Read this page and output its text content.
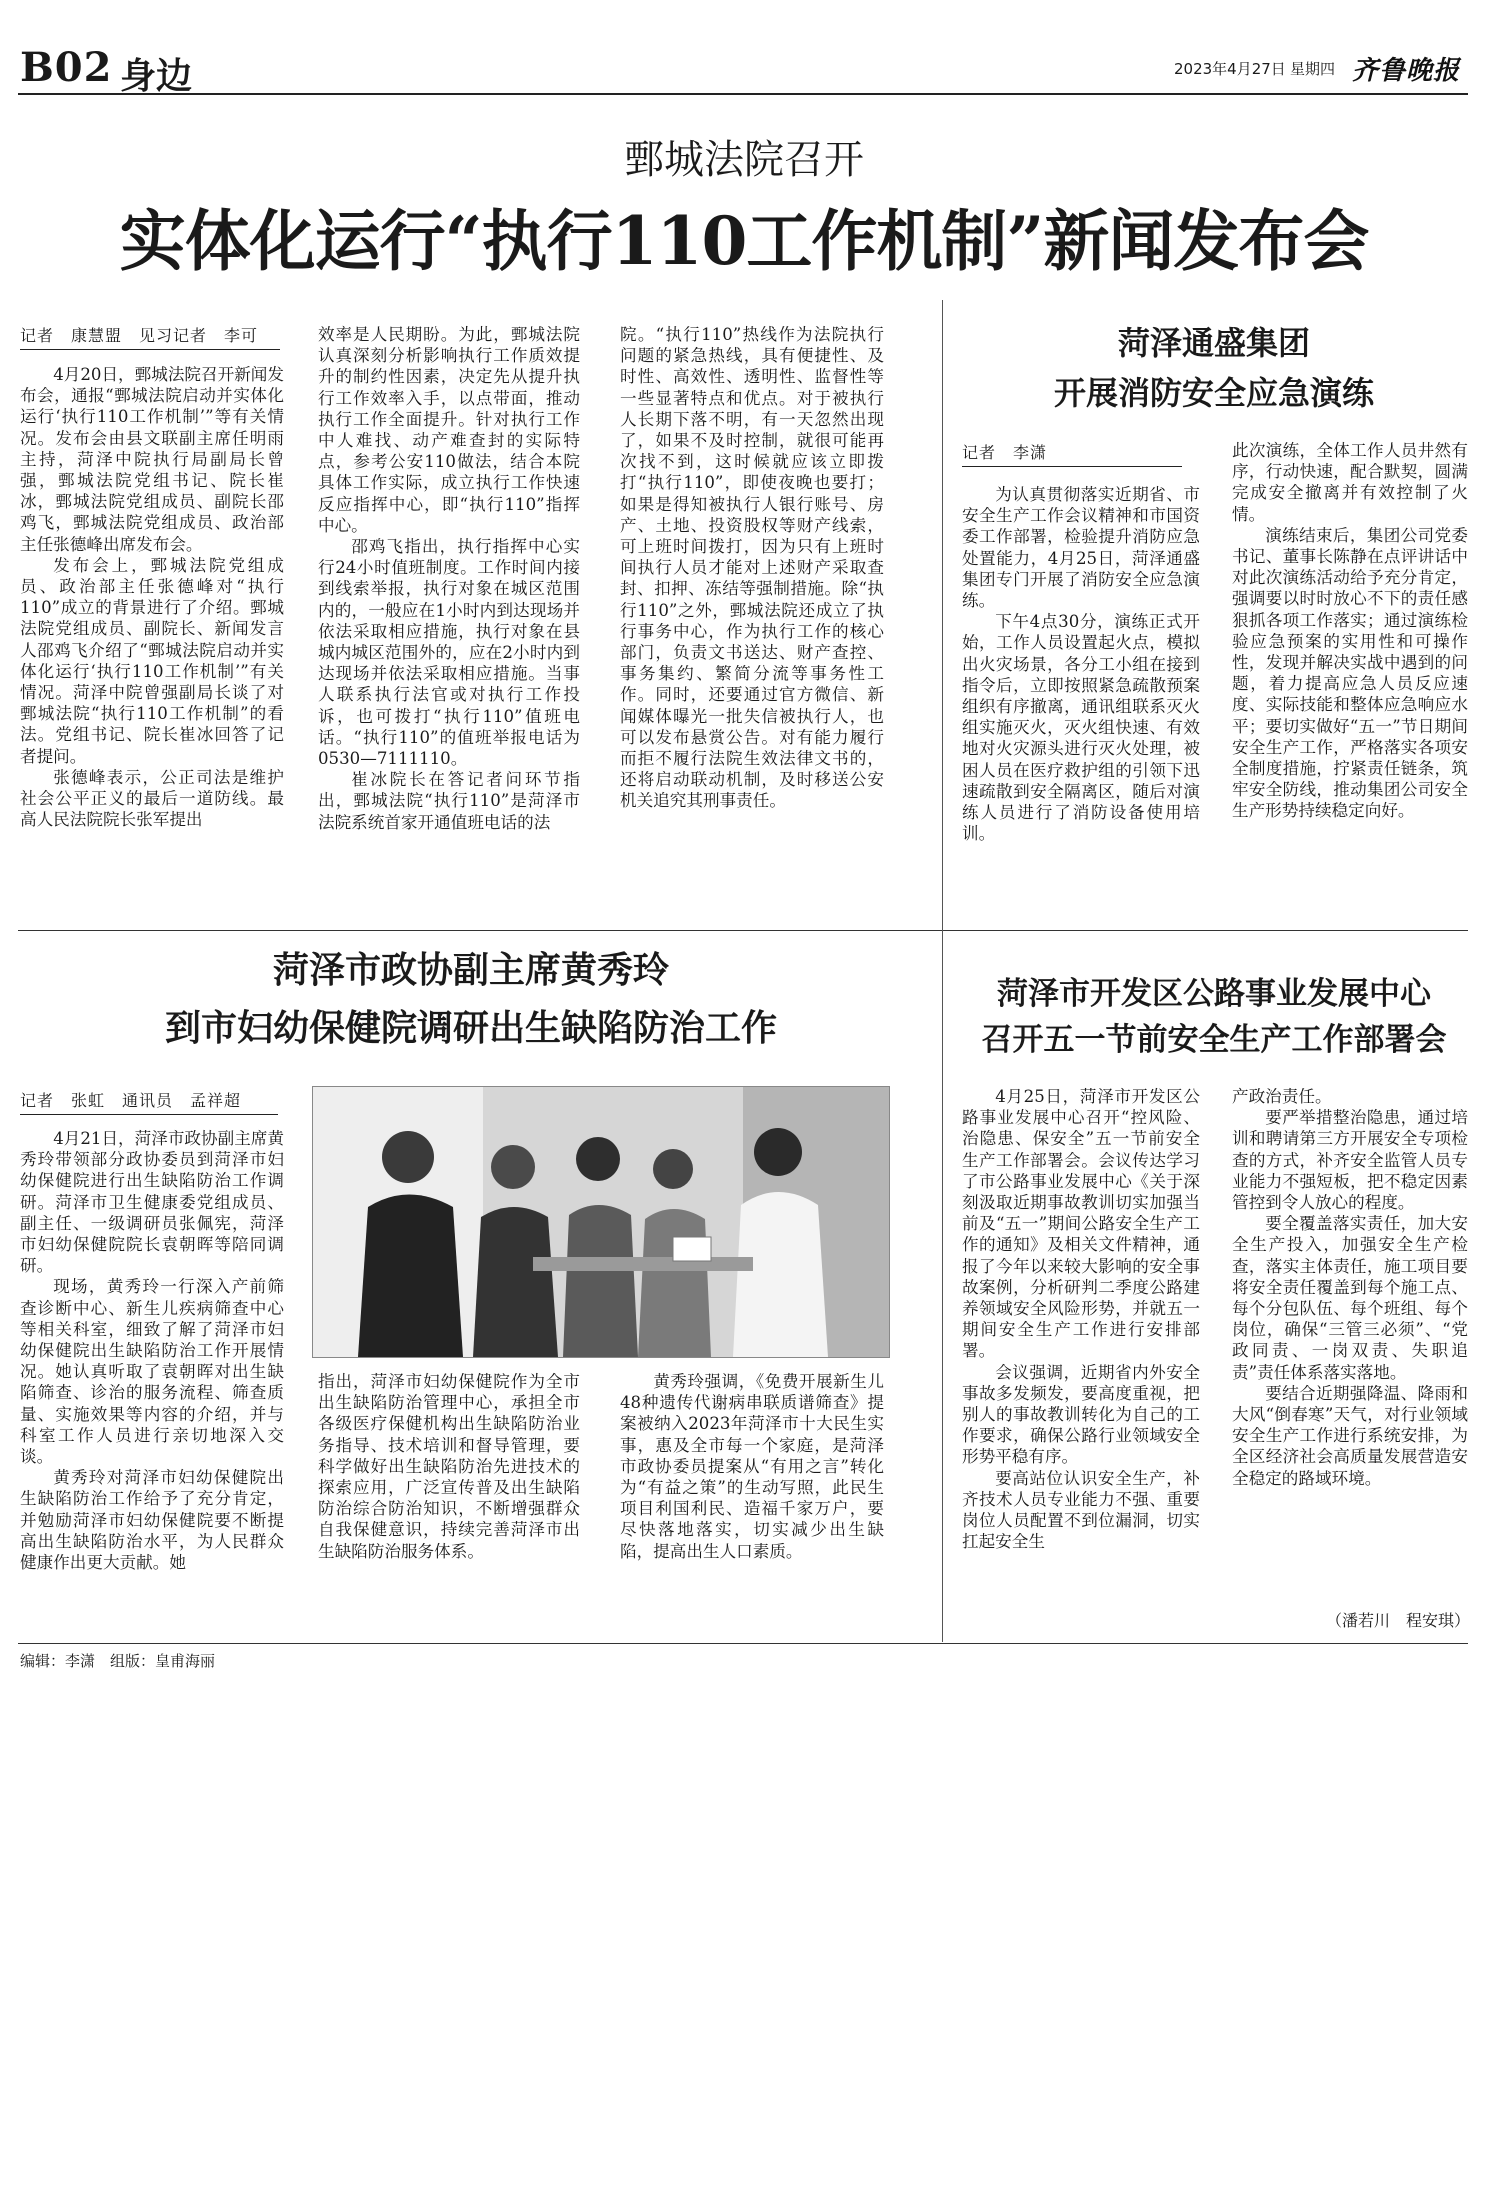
B02 身边	2023年4月27日 星期四 齐鲁晚报
鄄城法院召开
实体化运行“执行110工作机制”新闻发布会
记者　康慧盟　见习记者　李可

4月20日，鄄城法院召开新闻发布会，通报“鄄城法院启动并实体化运行‘执行110工作机制’”等有关情况。发布会由县文联副主席任明雨主持，菏泽中院执行局副局长曾强，鄄城法院党组书记、院长崔冰，鄄城法院党组成员、副院长邵鸡飞，鄄城法院党组成员、政治部主任张德峰出席发布会。

发布会上，鄄城法院党组成员、政治部主任张德峰对“执行110”成立的背景进行了介绍。鄄城法院党组成员、副院长、新闻发言人邵鸡飞介绍了“鄄城法院启动并实体化运行‘执行110工作机制’”有关情况。菏泽中院曾强副局长谈了对鄄城法院“执行110工作机制”的看法。党组书记、院长崔冰回答了记者提问。

张德峰表示，公正司法是维护社会公平正义的最后一道防线。最高人民法院院长张军提出

效率是人民期盼。为此，鄄城法院认真深刻分析影响执行工作质效提升的制约性因素，决定先从提升执行工作效率入手，以点带面，推动执行工作全面提升。针对执行工作中人难找、动产难查封的实际特点，参考公安110做法，结合本院具体工作实际，成立执行工作快速反应指挥中心，即“执行110”指挥中心。

邵鸡飞指出，执行指挥中心实行24小时值班制度。工作时间内接到线索举报，执行对象在城区范围内的，一般应在1小时内到达现场并依法采取相应措施，执行对象在县城内城区范围外的，应在2小时内到达现场并依法采取相应措施。当事人联系执行法官或对执行工作投诉，也可拨打“执行110”值班电话。“执行110”的值班举报电话为0530—7111110。

崔冰院长在答记者问环节指出，鄄城法院“执行110”是菏泽市法院系统首家开通值班电话的法

院。“执行110”热线作为法院执行问题的紧急热线，具有便捷性、及时性、高效性、透明性、监督性等一些显著特点和优点。对于被执行人长期下落不明，有一天忽然出现了，如果不及时控制，就很可能再次找不到，这时候就应该立即拨打“执行110”，即使夜晚也要打；如果是得知被执行人银行账号、房产、土地、投资股权等财产线索，可上班时间拨打，因为只有上班时间执行人员才能对上述财产采取查封、扣押、冻结等强制措施。除“执行110”之外，鄄城法院还成立了执行事务中心，作为执行工作的核心部门，负责文书送达、财产查控、事务集约、繁简分流等事务性工作。同时，还要通过官方微信、新闻媒体曝光一批失信被执行人，也可以发布悬赏公告。对有能力履行而拒不履行法院生效法律文书的，还将启动联动机制，及时移送公安机关追究其刑事责任。

菏泽通盛集团
开展消防安全应急演练
记者　李潇

为认真贯彻落实近期省、市安全生产工作会议精神和市国资委工作部署，检验提升消防应急处置能力，4月25日，菏泽通盛集团专门开展了消防安全应急演练。

下午4点30分，演练正式开始，工作人员设置起火点，模拟出火灾场景，各分工小组在接到指令后，立即按照紧急疏散预案组织有序撤离，通讯组联系灭火组实施灭火，灭火组快速、有效地对火灾源头进行灭火处理，被困人员在医疗救护组的引领下迅速疏散到安全隔离区，随后对演练人员进行了消防设备使用培训。

此次演练，全体工作人员井然有序，行动快速，配合默契，圆满完成安全撤离并有效控制了火情。

演练结束后，集团公司党委书记、董事长陈静在点评讲话中对此次演练活动给予充分肯定，强调要以时时放心不下的责任感狠抓各项工作落实；通过演练检验应急预案的实用性和可操作性，发现并解决实战中遇到的问题，着力提高应急人员反应速度、实际技能和整体应急响应水平；要切实做好“五一”节日期间安全生产工作，严格落实各项安全制度措施，拧紧责任链条，筑牢安全防线，推动集团公司安全生产形势持续稳定向好。

菏泽市政协副主席黄秀玲
到市妇幼保健院调研出生缺陷防治工作
记者　张虹　通讯员　孟祥超

4月21日，菏泽市政协副主席黄秀玲带领部分政协委员到菏泽市妇幼保健院进行出生缺陷防治工作调研。菏泽市卫生健康委党组成员、副主任、一级调研员张佩宪，菏泽市妇幼保健院院长袁朝晖等陪同调研。

现场，黄秀玲一行深入产前筛查诊断中心、新生儿疾病筛查中心等相关科室，细致了解了菏泽市妇幼保健院出生缺陷防治工作开展情况。她认真听取了袁朝晖对出生缺陷筛查、诊治的服务流程、筛查质量、实施效果等内容的介绍，并与科室工作人员进行亲切地深入交谈。

黄秀玲对菏泽市妇幼保健院出生缺陷防治工作给予了充分肯定，并勉励菏泽市妇幼保健院要不断提高出生缺陷防治水平，为人民群众健康作出更大贡献。她

指出，菏泽市妇幼保健院作为全市出生缺陷防治管理中心，承担全市各级医疗保健机构出生缺陷防治业务指导、技术培训和督导管理，要科学做好出生缺陷防治先进技术的探索应用，广泛宣传普及出生缺陷防治综合防治知识，不断增强群众自我保健意识，持续完善菏泽市出生缺陷防治服务体系。

黄秀玲强调，《免费开展新生儿48种遗传代谢病串联质谱筛查》提案被纳入2023年菏泽市十大民生实事，惠及全市每一个家庭，是菏泽市政协委员提案从“有用之言”转化为“有益之策”的生动写照，此民生项目利国利民、造福千家万户，要尽快落地落实，切实减少出生缺陷，提高出生人口素质。

菏泽市开发区公路事业发展中心
召开五一节前安全生产工作部署会

4月25日，菏泽市开发区公路事业发展中心召开“控风险、治隐患、保安全”五一节前安全生产工作部署会。会议传达学习了市公路事业发展中心《关于深刻汲取近期事故教训切实加强当前及“五一”期间公路安全生产工作的通知》及相关文件精神，通报了今年以来较大影响的安全事故案例，分析研判二季度公路建养领域安全风险形势，并就五一期间安全生产工作进行安排部署。

会议强调，近期省内外安全事故多发频发，要高度重视，把别人的事故教训转化为自己的工作要求，确保公路行业领域安全形势平稳有序。

要高站位认识安全生产，补齐技术人员专业能力不强、重要岗位人员配置不到位漏洞，切实扛起安全生

产政治责任。

要严举措整治隐患，通过培训和聘请第三方开展安全专项检查的方式，补齐安全监管人员专业能力不强短板，把不稳定因素管控到令人放心的程度。

要全覆盖落实责任，加大安全生产投入，加强安全生产检查，落实主体责任，施工项目要将安全责任覆盖到每个施工点、每个分包队伍、每个班组、每个岗位，确保“三管三必须”、“党政同责、一岗双责、失职追责”责任体系落实落地。

要结合近期强降温、降雨和大风“倒春寒”天气，对行业领域安全生产工作进行系统安排，为全区经济社会高质量发展营造安全稳定的路域环境。

（潘若川　程安琪）
编辑：李潇　组版：皇甫海丽
